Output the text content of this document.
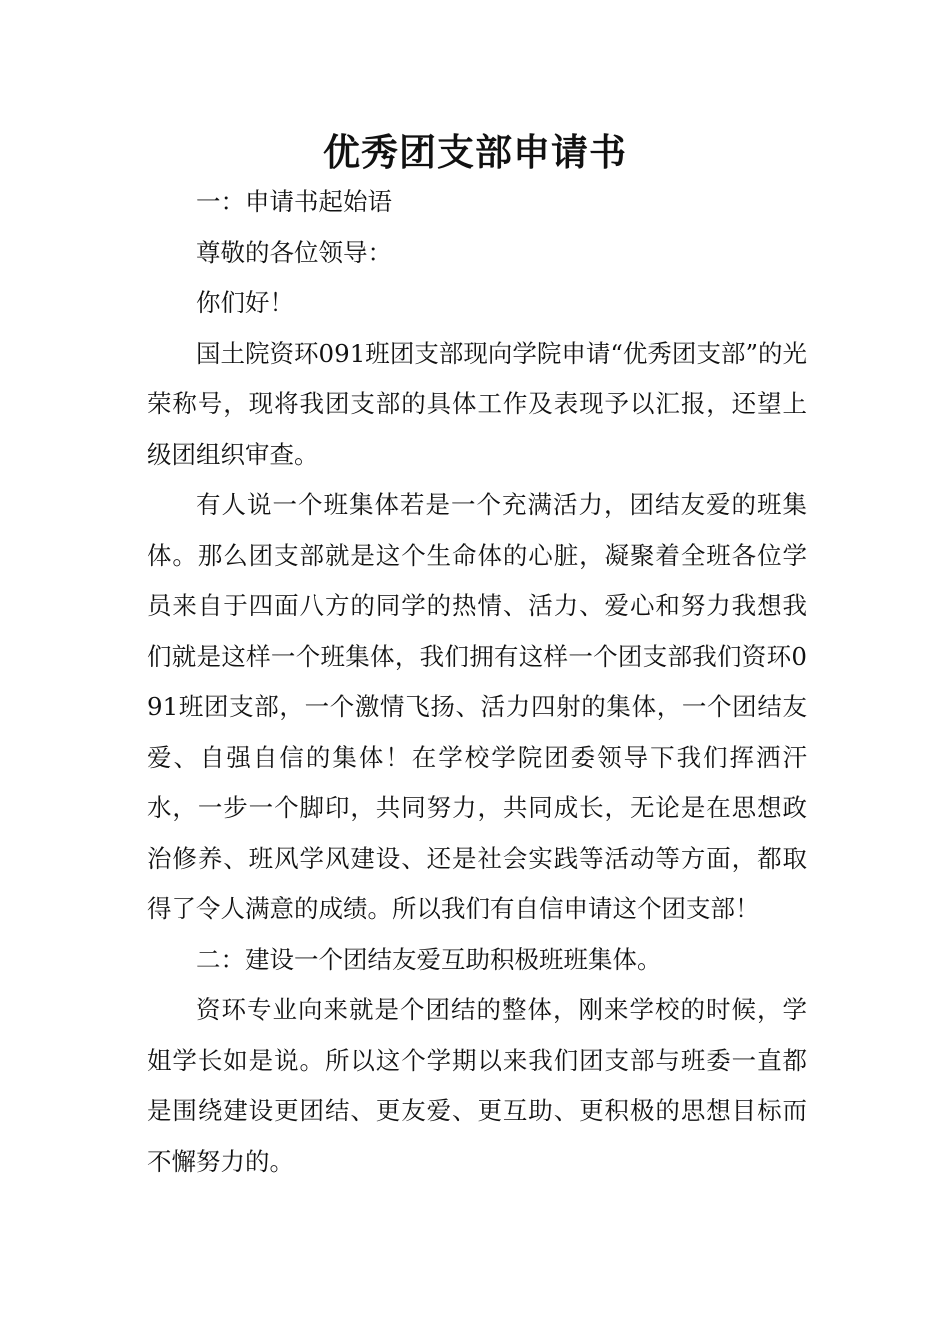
优秀团支部申请书

一：申请书起始语

尊敬的各位领导：

你们好！

国土院资环091班团支部现向学院申请“优秀团支部”的光荣称号，现将我团支部的具体工作及表现予以汇报，还望上级团组织审查。

有人说一个班集体若是一个充满活力，团结友爱的班集体。那么团支部就是这个生命体的心脏，凝聚着全班各位学员来自于四面八方的同学的热情、活力、爱心和努力我想我们就是这样一个班集体，我们拥有这样一个团支部我们资环091班团支部，一个激情飞扬、活力四射的集体，一个团结友爱、自强自信的集体！在学校学院团委领导下我们挥洒汗水，一步一个脚印，共同努力，共同成长，无论是在思想政治修养、班风学风建设、还是社会实践等活动等方面，都取得了令人满意的成绩。所以我们有自信申请这个团支部！

二：建设一个团结友爱互助积极班班集体。

资环专业向来就是个团结的整体，刚来学校的时候，学姐学长如是说。所以这个学期以来我们团支部与班委一直都是围绕建设更团结、更友爱、更互助、更积极的思想目标而不懈努力的。
